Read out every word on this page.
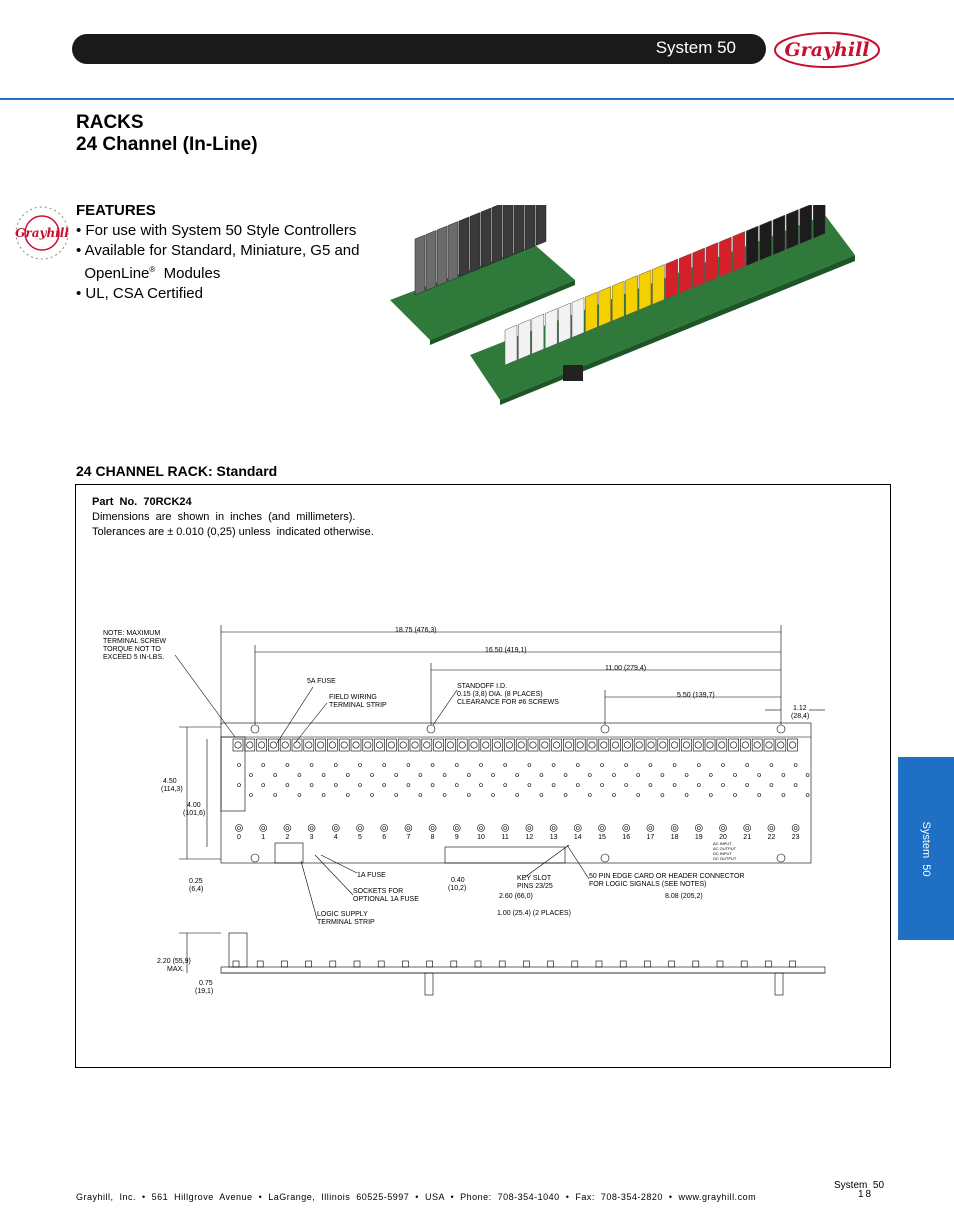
System 50	Grayhill
RACKS
24 Channel (In-Line)
Grayhill
FEATURES
• For use with System 50 Style Controllers
• Available for Standard, Miniature, G5 and
OpenLine®  Modules
• UL, CSA Certified
24 CHANNEL RACK: Standard
Part  No.  70RCK24
Dimensions  are  shown  in  inches  (and  millimeters).
Tolerances are ± 0.010 (0,25) unless  indicated otherwise.
NOTE: MAXIMUM
TERMINAL SCREW
TORQUE NOT TO
EXCEED 5 IN-LBS.
18.75 (476,3)
16.50 (419,1)
11.00 (279,4)
5A FUSE
FIELD WIRING
TERMINAL STRIP
STANDOFF I.D.
0.15 (3,8) DIA. (8 PLACES)
CLEARANCE FOR #6 SCREWS
5.50 (139,7)
1.12
(28,4)
4.50
(114,3)
4.00
(101,6)
0.25
(6,4)
1A FUSE
SOCKETS FOR
OPTIONAL 1A FUSE
LOGIC SUPPLY
TERMINAL STRIP
0.40
(10,2)
KEY SLOT
PINS 23/25
2.60 (66,0)
1.00 (25.4) (2 PLACES)
50 PIN EDGE CARD OR HEADER CONNECTOR
FOR LOGIC SIGNALS (SEE NOTES)
8.08 (205,2)
2.20 (55,9)
MAX.
0.75
(19,1)
0	1	2	3	4	5	6	7	8	9	10 11 12 13 14 15 16 17 18 19 20 21 22 23
AC INPUT
AC OUTPUT
DC INPUT
DC OUTPUT	System  50
System  50
18
Grayhill,  Inc.  •  561  Hillgrove  Avenue  •  LaGrange,  Illinois  60525-5997  •  USA  •  Phone:  708-354-1040  •  Fax:  708-354-2820  •  www.grayhill.com
